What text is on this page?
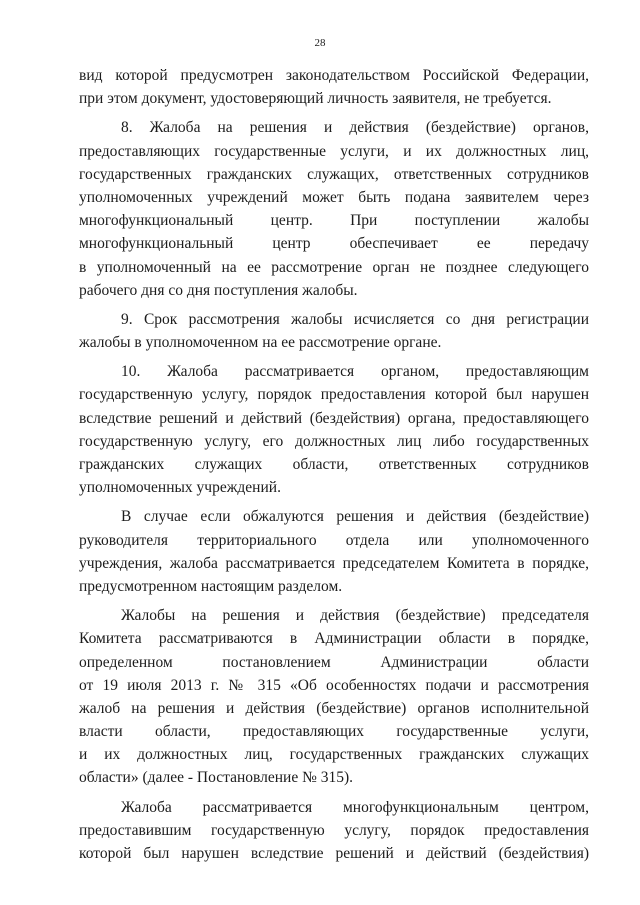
28
вид которой предусмотрен законодательством Российской Федерации,
при этом документ, удостоверяющий личность заявителя, не требуется.
8. Жалоба на решения и действия (бездействие) органов,
предоставляющих государственные услуги, и их должностных лиц,
государственных гражданских служащих, ответственных сотрудников
уполномоченных учреждений может быть подана заявителем через
многофункциональный центр. При поступлении жалобы
многофункциональный центр обеспечивает ее передачу
в уполномоченный на ее рассмотрение орган не позднее следующего
рабочего дня со дня поступления жалобы.
9. Срок рассмотрения жалобы исчисляется со дня регистрации
жалобы в уполномоченном на ее рассмотрение органе.
10. Жалоба рассматривается органом, предоставляющим
государственную услугу, порядок предоставления которой был нарушен
вследствие решений и действий (бездействия) органа, предоставляющего
государственную услугу, его должностных лиц либо государственных
гражданских служащих области, ответственных сотрудников
уполномоченных учреждений.
В случае если обжалуются решения и действия (бездействие)
руководителя территориального отдела или уполномоченного
учреждения, жалоба рассматривается председателем Комитета в порядке,
предусмотренном настоящим разделом.
Жалобы на решения и действия (бездействие) председателя
Комитета рассматриваются в Администрации области в порядке,
определенном постановлением Администрации области
от 19 июля 2013 г. № 315 «Об особенностях подачи и рассмотрения
жалоб на решения и действия (бездействие) органов исполнительной
власти области, предоставляющих государственные услуги,
и их должностных лиц, государственных гражданских служащих
области» (далее - Постановление № 315).
Жалоба рассматривается многофункциональным центром,
предоставившим государственную услугу, порядок предоставления
которой был нарушен вследствие решений и действий (бездействия)
